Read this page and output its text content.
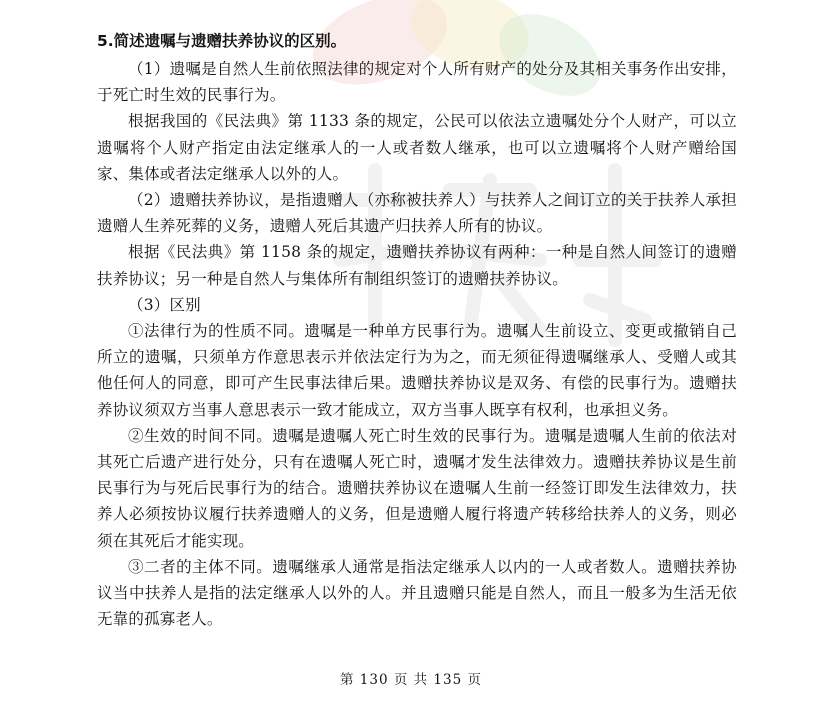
5.简述遗嘱与遗赠扶养协议的区别。

（1）遗嘱是自然人生前依照法律的规定对个人所有财产的处分及其相关事务作出安排，于死亡时生效的民事行为。

根据我国的《民法典》第 1133 条的规定，公民可以依法立遗嘱处分个人财产，可以立遗嘱将个人财产指定由法定继承人的一人或者数人继承，也可以立遗嘱将个人财产赠给国家、集体或者法定继承人以外的人。

（2）遗赠扶养协议，是指遗赠人（亦称被扶养人）与扶养人之间订立的关于扶养人承担遗赠人生养死葬的义务，遗赠人死后其遗产归扶养人所有的协议。

根据《民法典》第 1158 条的规定，遗赠扶养协议有两种：一种是自然人间签订的遗赠扶养协议；另一种是自然人与集体所有制组织签订的遗赠扶养协议。

（3）区别

①法律行为的性质不同。遗嘱是一种单方民事行为。遗嘱人生前设立、变更或撤销自己所立的遗嘱，只须单方作意思表示并依法定行为为之，而无须征得遗嘱继承人、受赠人或其他任何人的同意，即可产生民事法律后果。遗赠扶养协议是双务、有偿的民事行为。遗赠扶养协议须双方当事人意思表示一致才能成立，双方当事人既享有权利，也承担义务。

②生效的时间不同。遗嘱是遗嘱人死亡时生效的民事行为。遗嘱是遗嘱人生前的依法对其死亡后遗产进行处分，只有在遗嘱人死亡时，遗嘱才发生法律效力。遗赠扶养协议是生前民事行为与死后民事行为的结合。遗赠扶养协议在遗嘱人生前一经签订即发生法律效力，扶养人必须按协议履行扶养遗赠人的义务，但是遗赠人履行将遗产转移给扶养人的义务，则必须在其死后才能实现。

③二者的主体不同。遗嘱继承人通常是指法定继承人以内的一人或者数人。遗赠扶养协议当中扶养人是指的法定继承人以外的人。并且遗赠只能是自然人，而且一般多为生活无依无靠的孤寡老人。

第 130 页 共 135 页
